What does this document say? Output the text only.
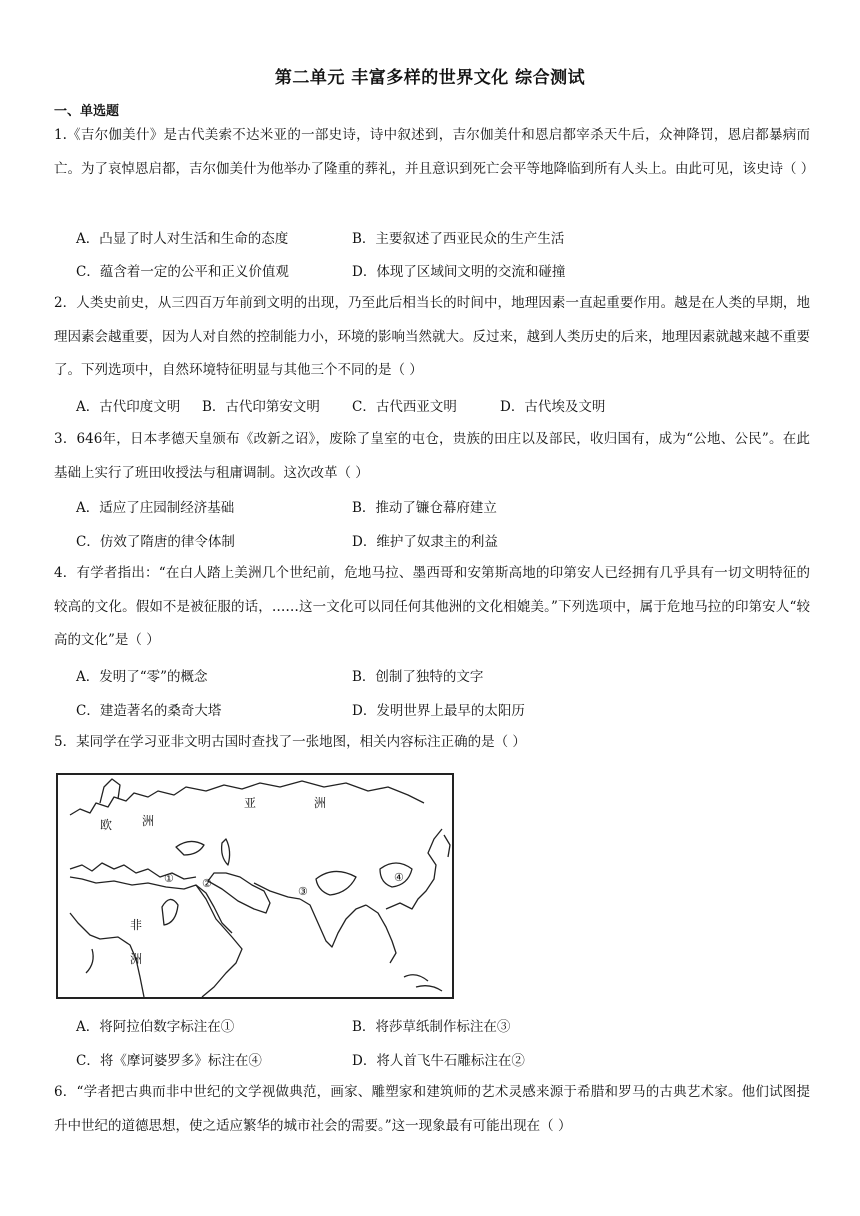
第二单元 丰富多样的世界文化 综合测试
一、单选题
1.《吉尔伽美什》是古代美索不达米亚的一部史诗，诗中叙述到，吉尔伽美什和恩启都宰杀天牛后，众神降罚，恩启都暴病而亡。为了哀悼恩启都，吉尔伽美什为他举办了隆重的葬礼，并且意识到死亡会平等地降临到所有人头上。由此可见，该史诗（ ）
A．凸显了时人对生活和生命的态度	B．主要叙述了西亚民众的生产生活
C．蕴含着一定的公平和正义价值观	D．体现了区域间文明的交流和碰撞
2．人类史前史，从三四百万年前到文明的出现，乃至此后相当长的时间中，地理因素一直起重要作用。越是在人类的早期，地理因素会越重要，因为人对自然的控制能力小，环境的影响当然就大。反过来，越到人类历史的后来，地理因素就越来越不重要了。下列选项中，自然环境特征明显与其他三个不同的是（ ）
A．古代印度文明 B．古代印第安文明 C．古代西亚文明	D．古代埃及文明
3．646年，日本孝德天皇颁布《改新之诏》，废除了皇室的屯仓，贵族的田庄以及部民，收归国有，成为“公地、公民”。在此基础上实行了班田收授法与租庸调制。这次改革（ ）
A．适应了庄园制经济基础	B．推动了镰仓幕府建立
C．仿效了隋唐的律令体制	D．维护了奴隶主的利益
4．有学者指出：“在白人踏上美洲几个世纪前，危地马拉、墨西哥和安第斯高地的印第安人已经拥有几乎具有一切文明特征的较高的文化。假如不是被征服的话，……这一文化可以同任何其他洲的文化相媲美。”下列选项中，属于危地马拉的印第安人“较高的文化”是（ ）
A．发明了“零”的概念	B．创制了独特的文字
C．建造著名的桑奇大塔	D．发明世界上最早的太阳历
5．某同学在学习亚非文明古国时查找了一张地图，相关内容标注正确的是（ ）
亚	洲
欧 洲
非
洲
①	②
③
④
A．将阿拉伯数字标注在①	B．将莎草纸制作标注在③
C．将《摩诃婆罗多》标注在④	D．将人首飞牛石雕标注在②
6．“学者把古典而非中世纪的文学视做典范，画家、雕塑家和建筑师的艺术灵感来源于希腊和罗马的古典艺术家。他们试图提升中世纪的道德思想，使之适应繁华的城市社会的需要。”这一现象最有可能出现在（ ）
